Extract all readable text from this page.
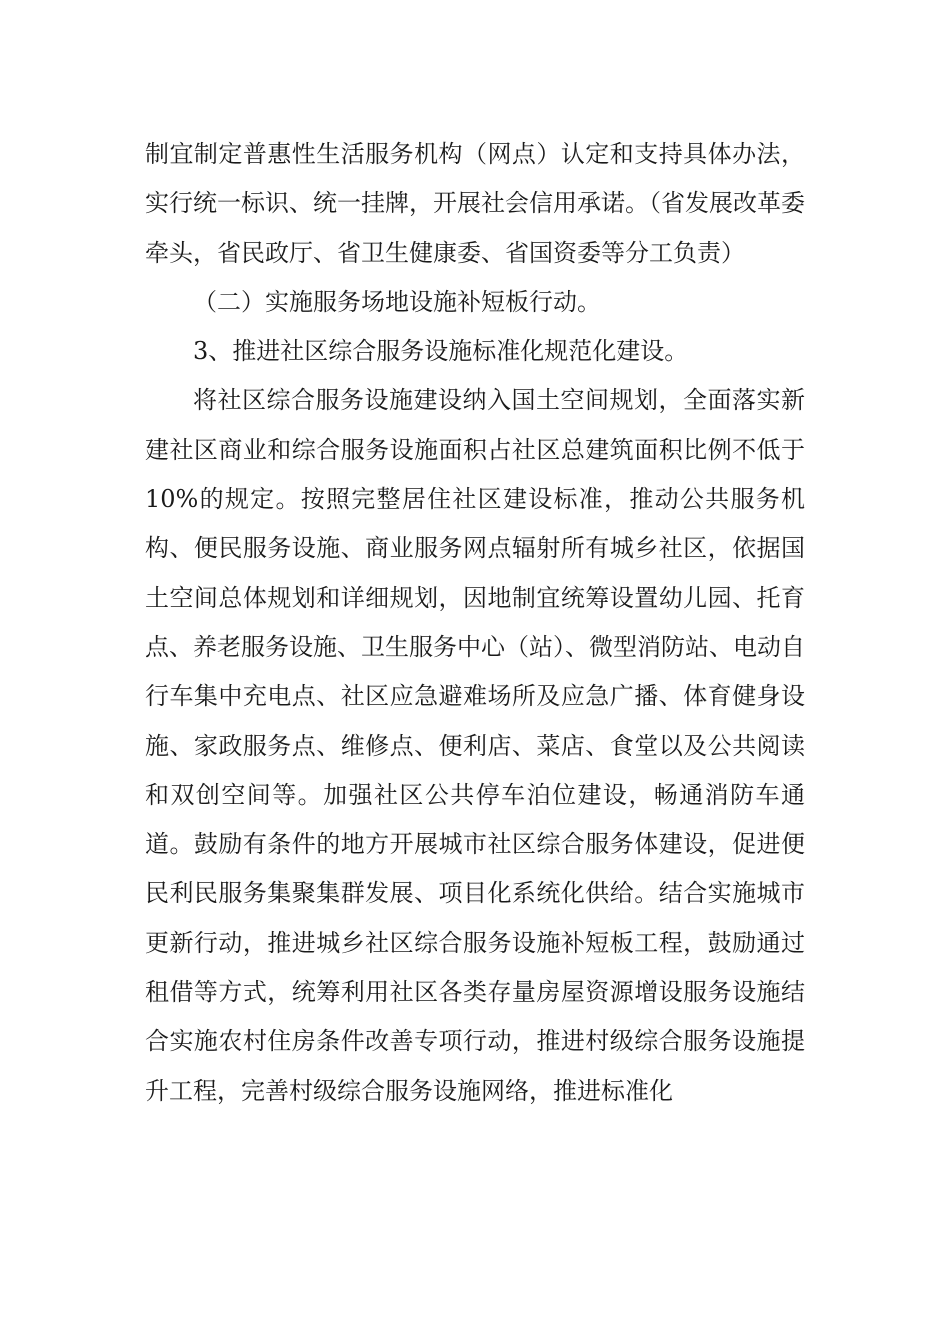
制宜制定普惠性生活服务机构（网点）认定和支持具体办法，实行统一标识、统一挂牌，开展社会信用承诺。（省发展改革委牵头，省民政厅、省卫生健康委、省国资委等分工负责）

（二）实施服务场地设施补短板行动。

3、推进社区综合服务设施标准化规范化建设。

将社区综合服务设施建设纳入国土空间规划，全面落实新建社区商业和综合服务设施面积占社区总建筑面积比例不低于10%的规定。按照完整居住社区建设标准，推动公共服务机构、便民服务设施、商业服务网点辐射所有城乡社区，依据国土空间总体规划和详细规划，因地制宜统筹设置幼儿园、托育点、养老服务设施、卫生服务中心（站）、微型消防站、电动自行车集中充电点、社区应急避难场所及应急广播、体育健身设施、家政服务点、维修点、便利店、菜店、食堂以及公共阅读和双创空间等。加强社区公共停车泊位建设，畅通消防车通道。鼓励有条件的地方开展城市社区综合服务体建设，促进便民利民服务集聚集群发展、项目化系统化供给。结合实施城市更新行动，推进城乡社区综合服务设施补短板工程，鼓励通过租借等方式，统筹利用社区各类存量房屋资源增设服务设施结合实施农村住房条件改善专项行动，推进村级综合服务设施提升工程，完善村级综合服务设施网络，推进标准化
